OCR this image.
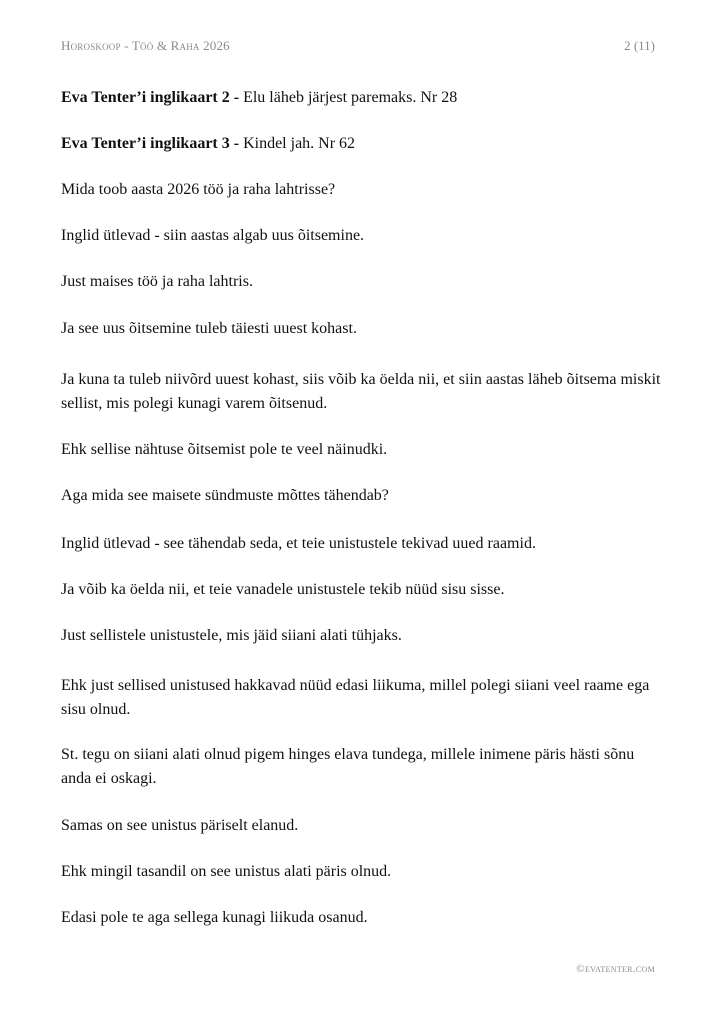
Horoskoop - Töö & Raha 2026	2 (11)

Eva Tenter’i inglikaart 2 - Elu läheb järjest paremaks. Nr 28

Eva Tenter’i inglikaart 3 - Kindel jah. Nr 62

Mida toob aasta 2026 töö ja raha lahtrisse?

Inglid ütlevad - siin aastas algab uus õitsemine.

Just maises töö ja raha lahtris.

Ja see uus õitsemine tuleb täiesti uuest kohast.

Ja kuna ta tuleb niivõrd uuest kohast, siis võib ka öelda nii, et siin aastas läheb õitsema miskit sellist, mis polegi kunagi varem õitsenud.

Ehk sellise nähtuse õitsemist pole te veel näinudki.

Aga mida see maisete sündmuste mõttes tähendab?

Inglid ütlevad - see tähendab seda, et teie unistustele tekivad uued raamid.

Ja võib ka öelda nii, et teie vanadele unistustele tekib nüüd sisu sisse.

Just sellistele unistustele, mis jäid siiani alati tühjaks.

Ehk just sellised unistused hakkavad nüüd edasi liikuma, millel polegi siiani veel raame ega sisu olnud.

St. tegu on siiani alati olnud pigem hinges elava tundega, millele inimene päris hästi sõnu anda ei oskagi.

Samas on see unistus päriselt elanud.

Ehk mingil tasandil on see unistus alati päris olnud.

Edasi pole te aga sellega kunagi liikuda osanud.

©evatenter.com
